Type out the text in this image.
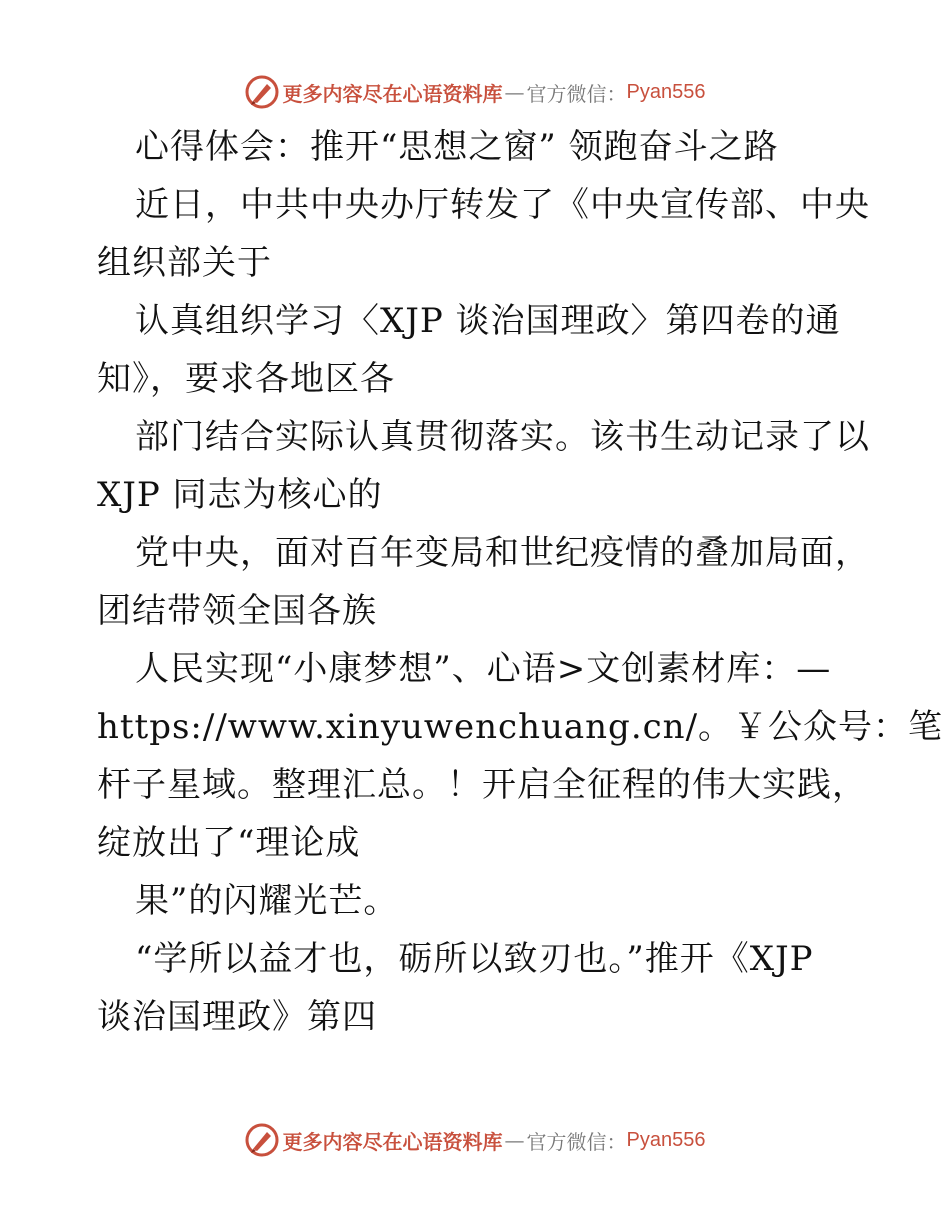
更多内容尽在心语资料库 — 官方微信： Pyan556
心得体会：推开“思想之窗” 领跑奋斗之路
近日，中共中央办厅转发了《中央宣传部、中央
组织部关于
认真组织学习〈XJP 谈治国理政〉第四卷的通
知》，要求各地区各
部门结合实际认真贯彻落实。该书生动记录了以
XJP 同志为核心的
党中央，面对百年变局和世纪疫情的叠加局面，
团结带领全国各族
人民实现“小康梦想”、心语>文创素材库：—
https://www.xinyuwenchuang.cn/。￥公众号：笔
杆子星域。整理汇总。！开启全征程的伟大实践，
绽放出了“理论成
果”的闪耀光芒。
“学所以益才也，砺所以致刃也。”推开《XJP
谈治国理政》第四
更多内容尽在心语资料库 — 官方微信： Pyan556
